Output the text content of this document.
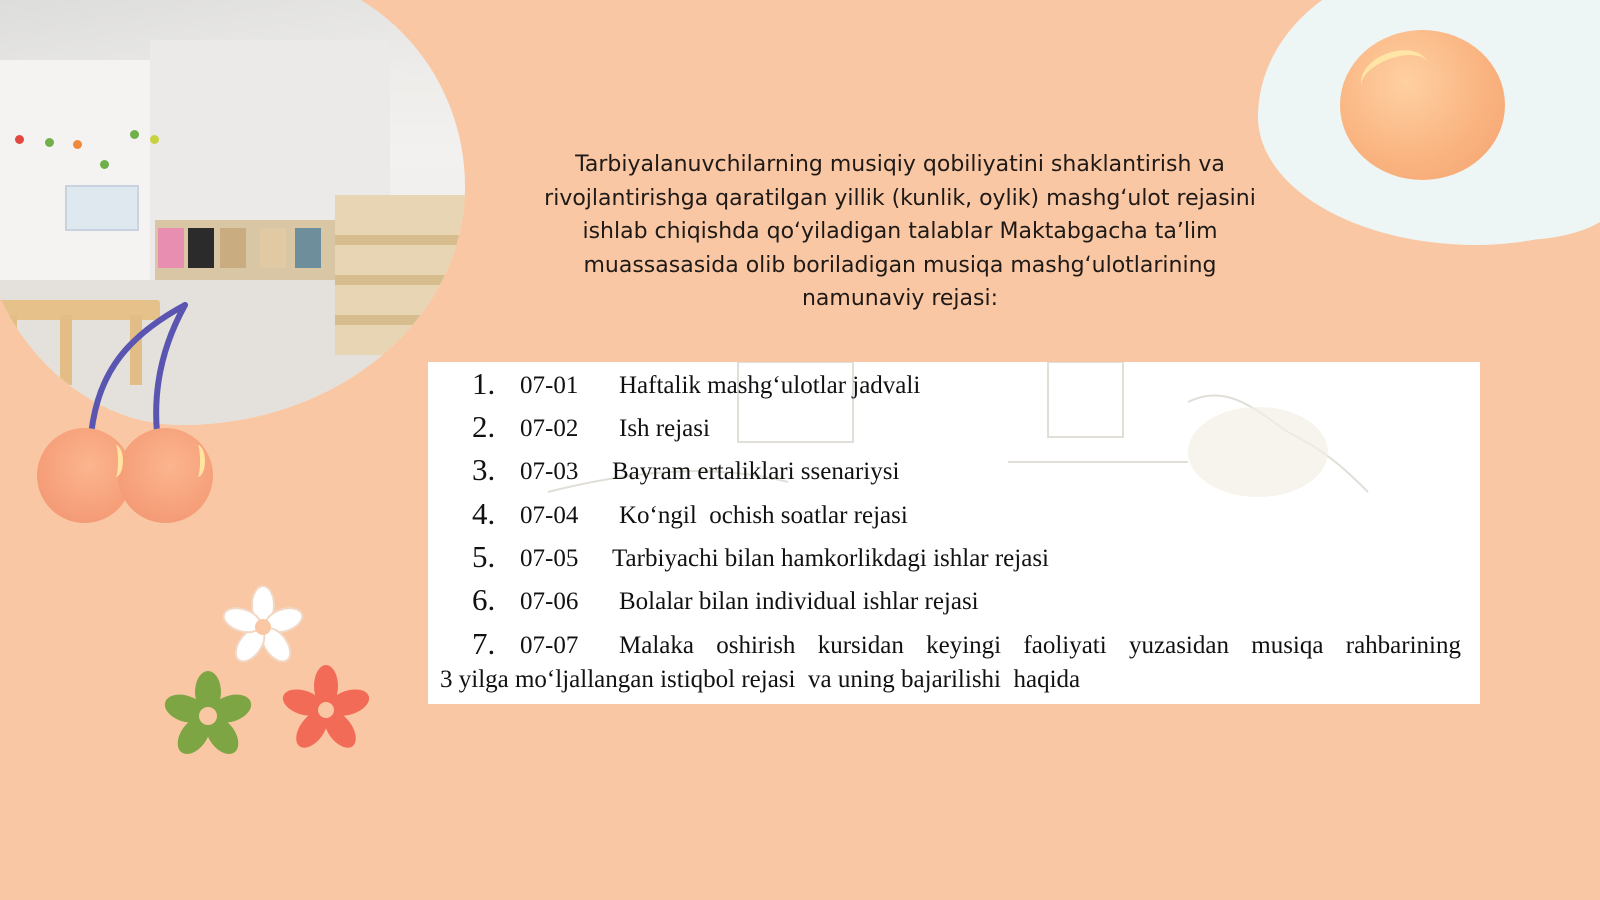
Tarbiyalanuvchilarning musiqiy qobiliyatini shaklantirish va
rivojlantirishga qaratilgan yillik (kunlik, oylik) mashgʻulot rejasini
ishlab chiqishda qoʻyiladigan talablar Maktabgacha taʼlim
muassasasida olib boriladigan musiqa mashgʻulotlarining
namunaviy rejasi:
1. 07-01 Haftalik mashg‘ulotlar jadvali
2. 07-02 Ish rejasi
3. 07-03 Bayram ertaliklari ssenariysi
4. 07-04 Ko‘ngil  ochish soatlar rejasi
5. 07-05 Tarbiyachi bilan hamkorlikdagi ishlar rejasi
6. 07-06 Bolalar bilan individual ishlar rejasi
7. 07-07 Malaka oshirish kursidan keyingi faoliyati yuzasidan musiqa rahbarining
3 yilga mo‘ljallangan istiqbol rejasi  va uning bajarilishi  haqida
